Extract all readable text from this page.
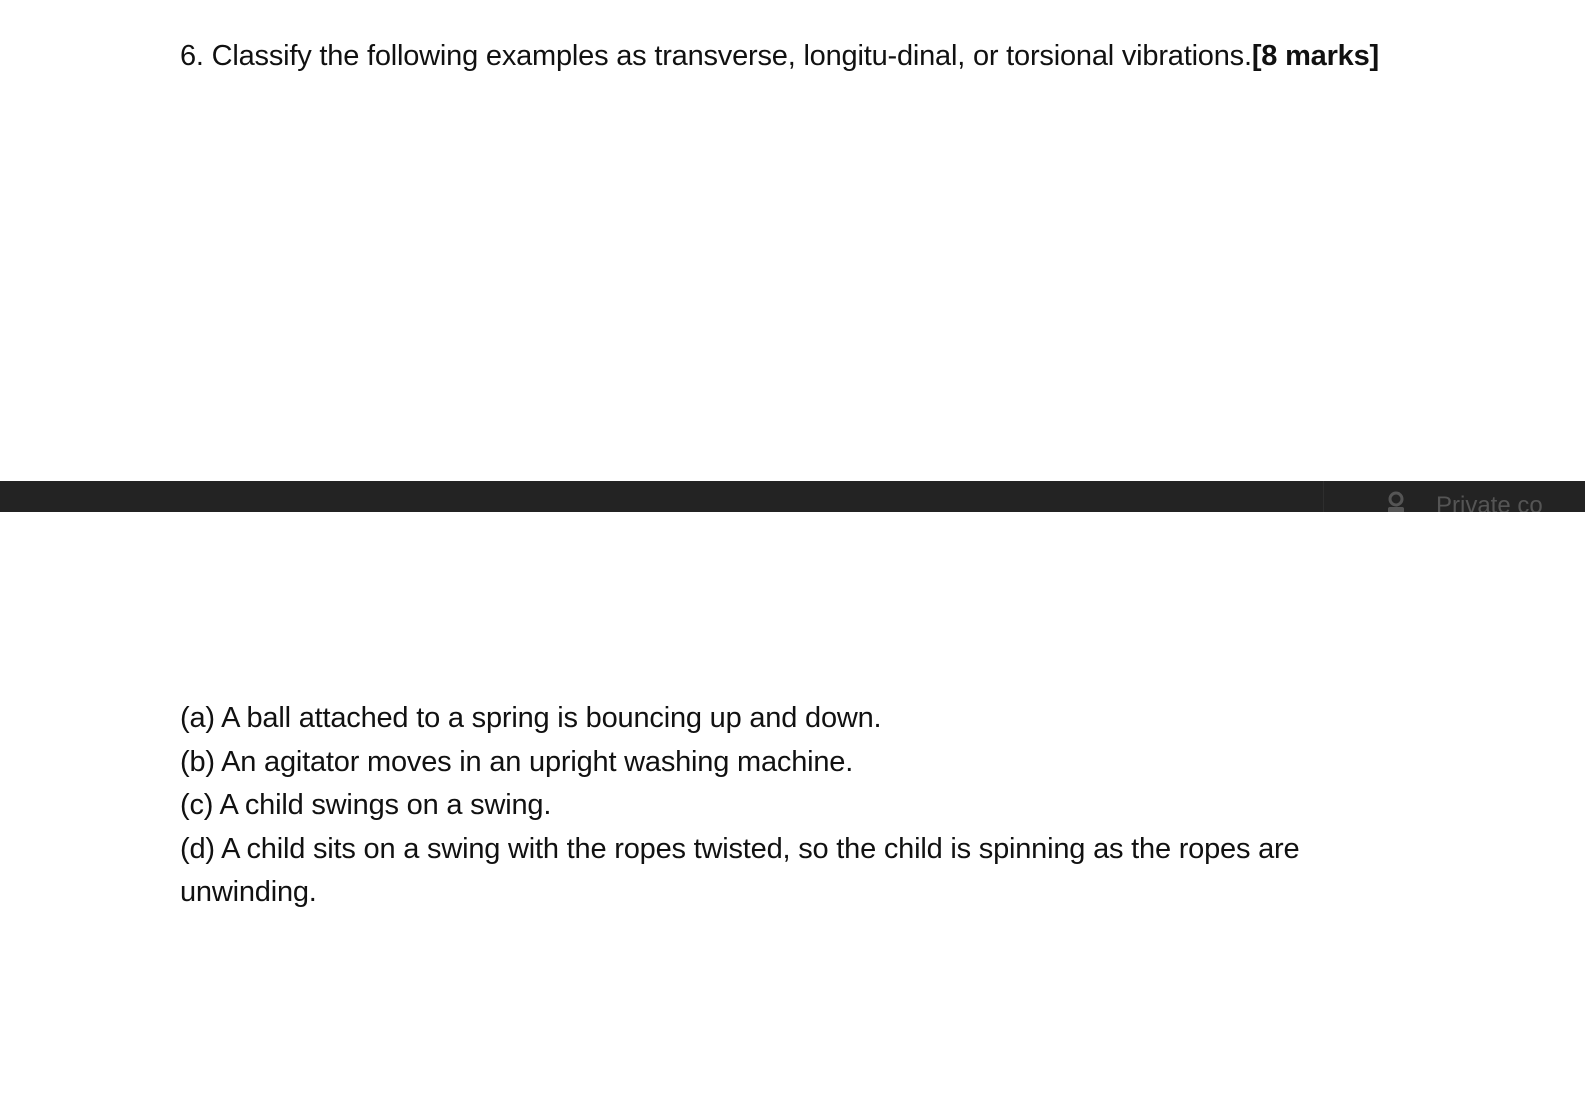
6. Classify the following examples as transverse, longitu-dinal, or torsional vibrations.[8 marks]
Private co

(a) A ball attached to a spring is bouncing up and down.

(b) An agitator moves in an upright washing machine.

(c) A child swings on a swing.

(d) A child sits on a swing with the ropes twisted, so the child is spinning as the ropes are unwinding.
